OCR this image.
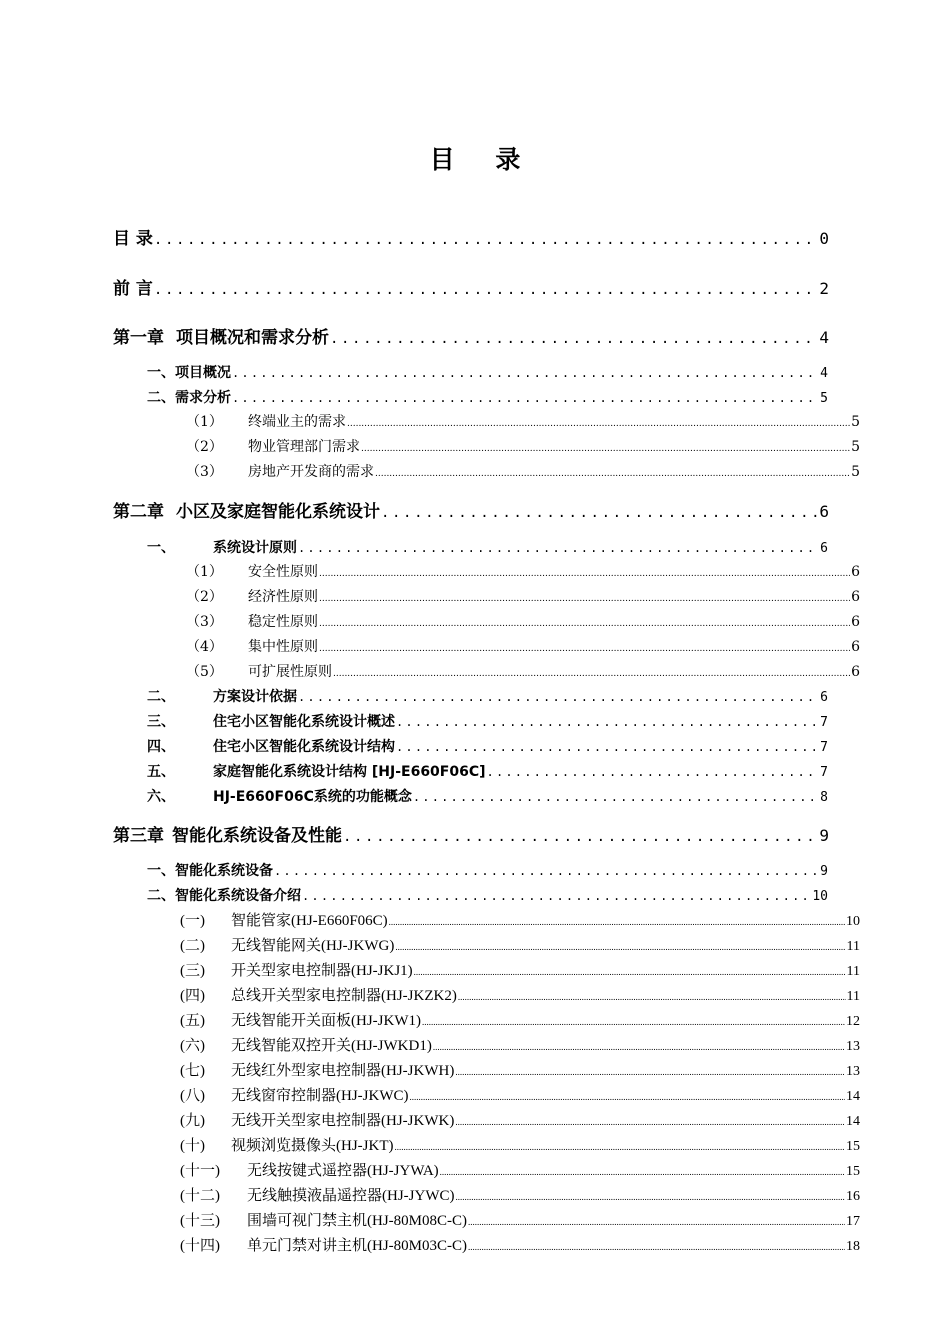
目 录
目 录 .....	0
前 言 .....	2
第一章 项目概况和需求分析 .....	4
一、项目概况 .....	4
二、需求分析 .....	5
（1）	终端业主的需求 .....	5
（2）	物业管理部门需求 .....	5
（3）	房地产开发商的需求 .....	5
第二章 小区及家庭智能化系统设计 .....	6
一、	系统设计原则 .....	6
（1）	安全性原则 .....	6
（2）	经济性原则 .....	6
（3）	稳定性原则 .....	6
（4）	集中性原则 .....	6
（5）	可扩展性原则 .....	6
二、	方案设计依据 .....	6
三、	住宅小区智能化系统设计概述 .....	7
四、	住宅小区智能化系统设计结构 .....	7
五、	家庭智能化系统设计结构 [HJ-E660F06C] .....	7
六、	HJ-E660F06C系统的功能概念 .....	8
第三章 智能化系统设备及性能 .....	9
一、智能化系统设备 .....	9
二、智能化系统设备介绍 .....	10
(一)	智能管家(HJ-E660F06C) .....	10
(二)	无线智能网关(HJ-JKWG) .....	11
(三)	开关型家电控制器(HJ-JKJ1) .....	11
(四)	总线开关型家电控制器(HJ-JKZK2) .....	11
(五)	无线智能开关面板(HJ-JKW1) .....	12
(六)	无线智能双控开关(HJ-JWKD1) .....	13
(七)	无线红外型家电控制器(HJ-JKWH) .....	13
(八)	无线窗帘控制器(HJ-JKWC) .....	14
(九)	无线开关型家电控制器(HJ-JKWK) .....	14
(十)	视频浏览摄像头(HJ-JKT) .....	15
(十一)	无线按键式遥控器(HJ-JYWA) .....	15
(十二)	无线触摸液晶遥控器(HJ-JYWC) .....	16
(十三)	围墙可视门禁主机(HJ-80M08C-C) .....	17
(十四)	单元门禁对讲主机(HJ-80M03C-C) .....	18
